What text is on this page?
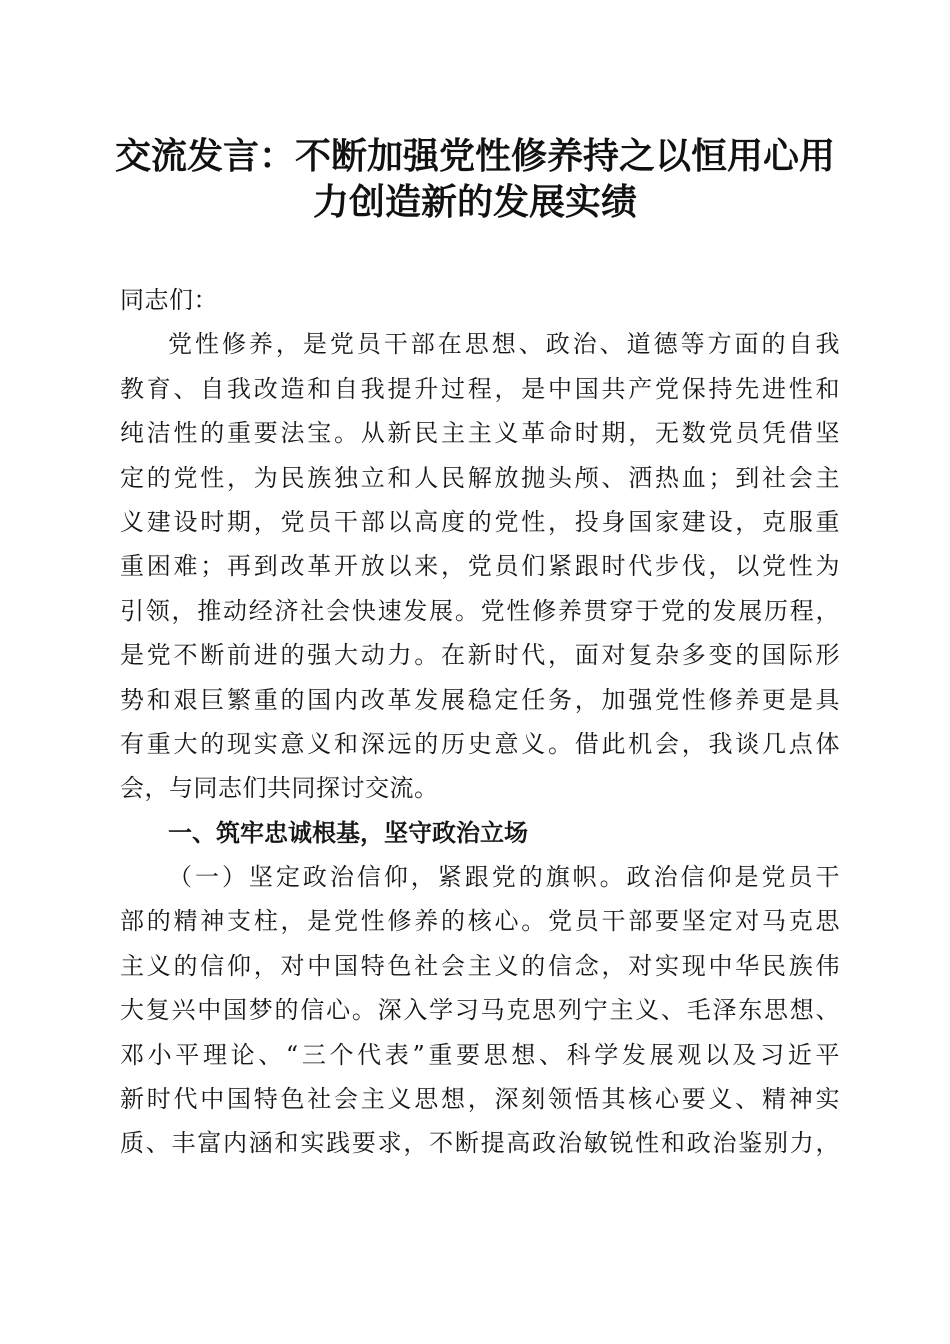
交流发言：不断加强党性修养持之以恒用心用
力创造新的发展实绩
同志们：
党性修养，是党员干部在思想、政治、道德等方面的自我
教育、自我改造和自我提升过程，是中国共产党保持先进性和
纯洁性的重要法宝。从新民主主义革命时期，无数党员凭借坚
定的党性，为民族独立和人民解放抛头颅、洒热血；到社会主
义建设时期，党员干部以高度的党性，投身国家建设，克服重
重困难；再到改革开放以来，党员们紧跟时代步伐，以党性为
引领，推动经济社会快速发展。党性修养贯穿于党的发展历程，
是党不断前进的强大动力。在新时代，面对复杂多变的国际形
势和艰巨繁重的国内改革发展稳定任务，加强党性修养更是具
有重大的现实意义和深远的历史意义。借此机会，我谈几点体
会，与同志们共同探讨交流。
一、筑牢忠诚根基，坚守政治立场
（一）坚定政治信仰，紧跟党的旗帜。政治信仰是党员干
部的精神支柱，是党性修养的核心。党员干部要坚定对马克思
主义的信仰，对中国特色社会主义的信念，对实现中华民族伟
大复兴中国梦的信心。深入学习马克思列宁主义、毛泽东思想、
邓小平理论、“三个代表”重要思想、科学发展观以及习近平
新时代中国特色社会主义思想，深刻领悟其核心要义、精神实
质、丰富内涵和实践要求，不断提高政治敏锐性和政治鉴别力，
